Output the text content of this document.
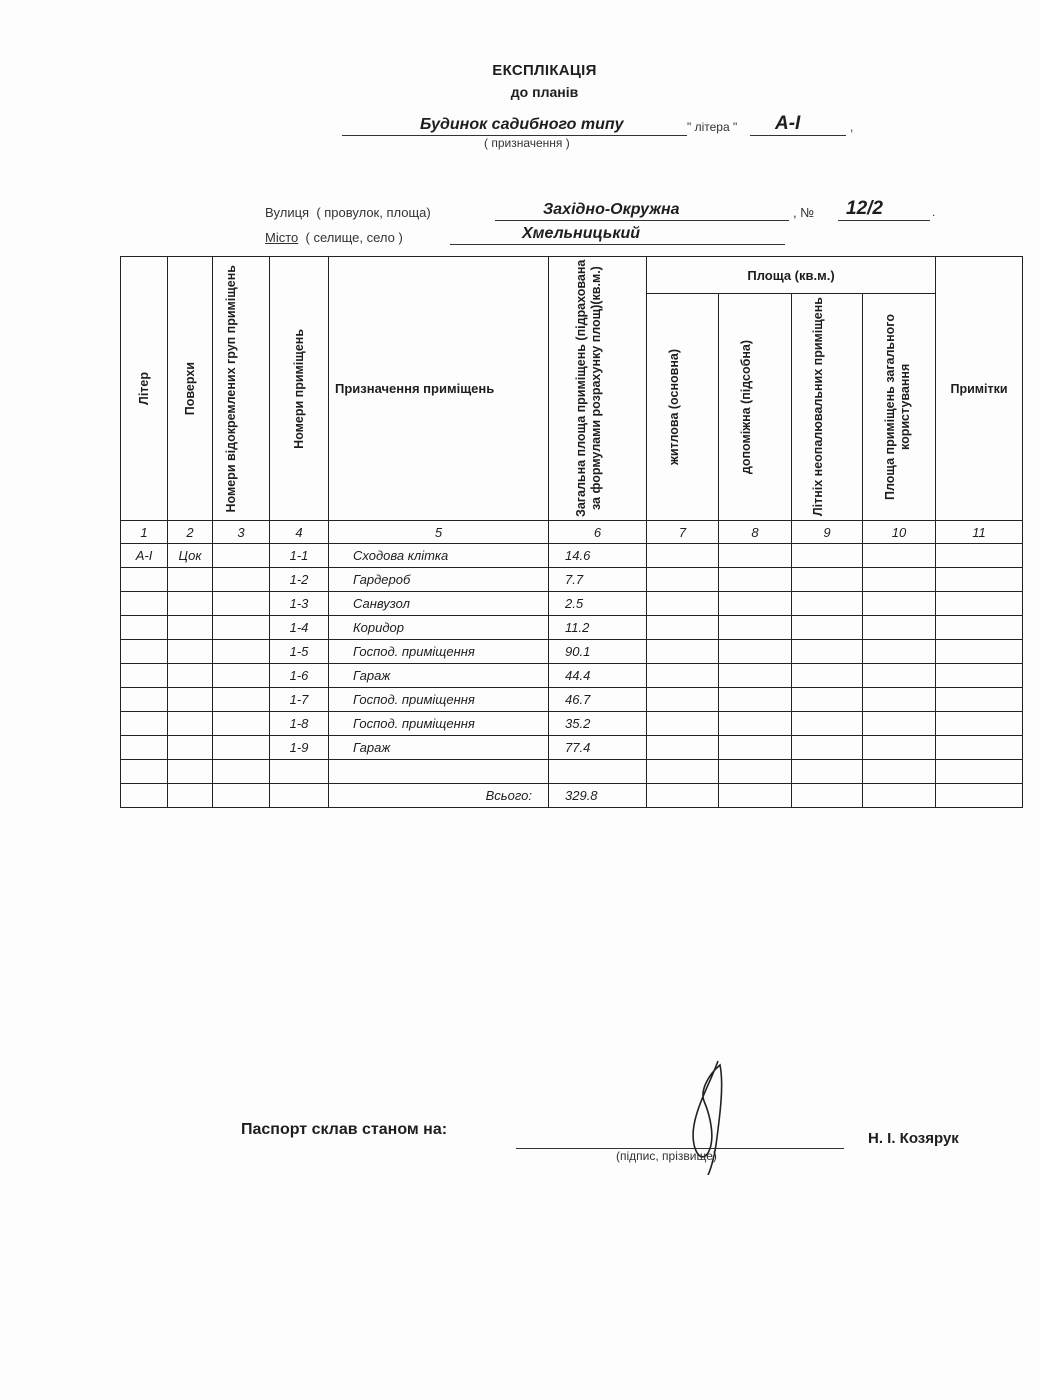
ЕКСПЛІКАЦІЯ
до планів
Будинок садибного типу	" літера " А-І	,
( призначення )
Вулиця ( провулок, площа)	Західно-Окружна	, № 12/2	.
Місто ( селище, село )	Хмельницький
Літер	Поверхи	Номери відокремлених груп приміщень	Номери приміщень	Призначення приміщень	Загальна площа приміщень (підрахована за формулами розрахунку площ)(кв.м.)	Площа (кв.м.)				Примітки

						житлова (основна)	допоміжна (підсобна)	Літніх неопалювальних приміщень	Площа приміщень загального користування	

1	2	3	4	5	6	7	8	9	10	11
А-І	Цок		1-1	Сходова клітка	14.6					
			1-2	Гардероб	7.7					
			1-3	Санвузол	2.5					
			1-4	Коридор	11.2					
			1-5	Господ. приміщення	90.1					
			1-6	Гараж	44.4					
			1-7	Господ. приміщення	46.7					
			1-8	Господ. приміщення	35.2					
			1-9	Гараж	77.4					

				Всього:	329.8					
Паспорт склав станом на:
(підпис, прізвище)
Н. І. Козярук
